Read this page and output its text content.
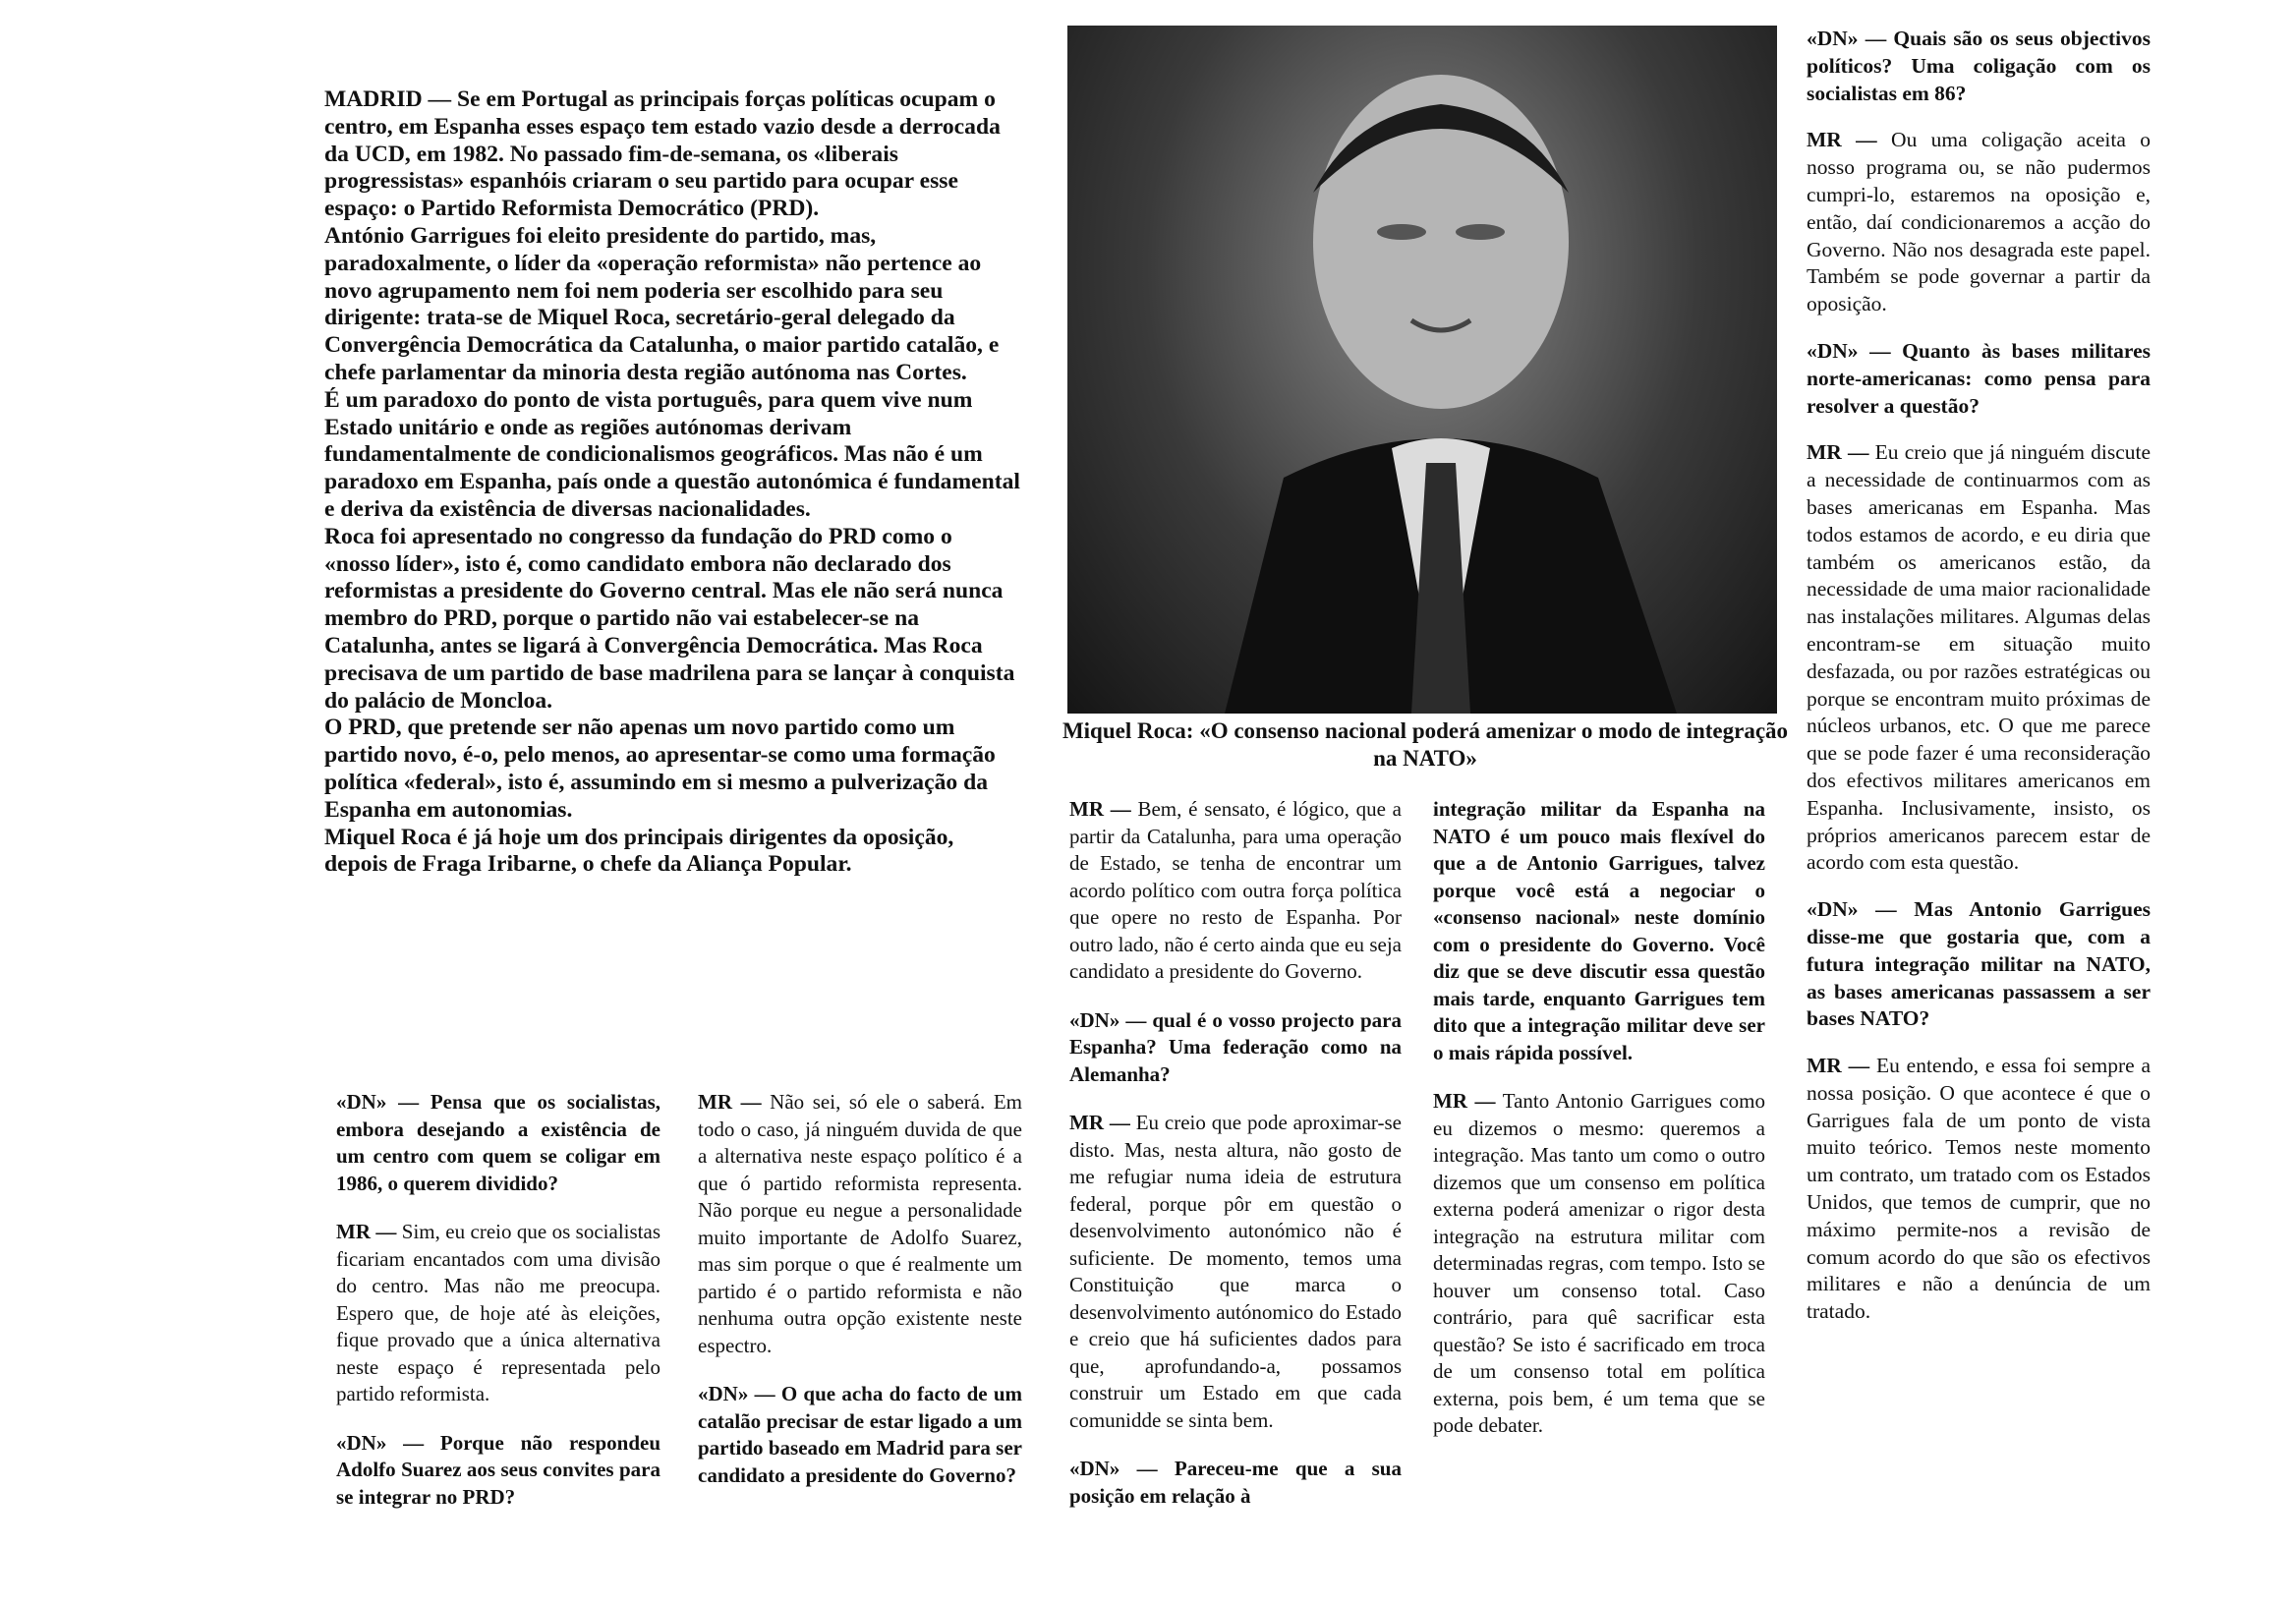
MADRID — Se em Portugal as principais forças políticas ocupam o centro, em Espanha esses espaço tem estado vazio desde a derrocada da UCD, em 1982. No passado fim-de-semana, os «liberais progressistas» espanhóis criaram o seu partido para ocupar esse espaço: o Partido Reformista Democrático (PRD).

António Garrigues foi eleito presidente do partido, mas, paradoxalmente, o líder da «operação reformista» não pertence ao novo agrupamento nem foi nem poderia ser escolhido para seu dirigente: trata-se de Miquel Roca, secretário-geral delegado da Convergência Democrática da Catalunha, o maior partido catalão, e chefe parlamentar da minoria desta região autónoma nas Cortes.

É um paradoxo do ponto de vista português, para quem vive num Estado unitário e onde as regiões autónomas derivam fundamentalmente de condicionalismos geográficos. Mas não é um paradoxo em Espanha, país onde a questão autonómica é fundamental e deriva da existência de diversas nacionalidades.

Roca foi apresentado no congresso da fundação do PRD como o «nosso líder», isto é, como candidato embora não declarado dos reformistas a presidente do Governo central. Mas ele não será nunca membro do PRD, porque o partido não vai estabelecer-se na Catalunha, antes se ligará à Convergência Democrática. Mas Roca precisava de um partido de base madrilena para se lançar à conquista do palácio de Moncloa.

O PRD, que pretende ser não apenas um novo partido como um partido novo, é-o, pelo menos, ao apresentar-se como uma formação política «federal», isto é, assumindo em si mesmo a pulverização da Espanha em autonomias.

Miquel Roca é já hoje um dos principais dirigentes da oposição, depois de Fraga Iribarne, o chefe da Aliança Popular.

«DN» — Pensa que os socialistas, embora desejando a existência de um centro com quem se coligar em 1986, o querem dividido?

MR — Sim, eu creio que os socialistas ficariam encantados com uma divisão do centro. Mas não me preocupa. Espero que, de hoje até às eleições, fique provado que a única alternativa neste espaço é representada pelo partido reformista.

«DN» — Porque não respondeu Adolfo Suarez aos seus convites para se integrar no PRD?

MR — Não sei, só ele o saberá. Em todo o caso, já ninguém duvida de que a alternativa neste espaço político é a que ó partido reformista representa. Não porque eu negue a personalidade muito importante de Adolfo Suarez, mas sim porque o que é realmente um partido é o partido reformista e não nenhuma outra opção existente neste espectro.

«DN» — O que acha do facto de um catalão precisar de estar ligado a um partido baseado em Madrid para ser candidato a presidente do Governo?

Miquel Roca: «O consenso nacional poderá amenizar o modo de integração na NATO»

MR — Bem, é sensato, é lógico, que a partir da Catalunha, para uma operação de Estado, se tenha de encontrar um acordo político com outra força política que opere no resto de Espanha. Por outro lado, não é certo ainda que eu seja candidato a presidente do Governo.

«DN» — qual é o vosso projecto para Espanha? Uma federação como na Alemanha?

MR — Eu creio que pode aproximar-se disto. Mas, nesta altura, não gosto de me refugiar numa ideia de estrutura federal, porque pôr em questão o desenvolvimento autonómico não é suficiente. De momento, temos uma Constituição que marca o desenvolvimento autónomico do Estado e creio que há suficientes dados para que, aprofundando-a, possamos construir um Estado em que cada comunidde se sinta bem.

«DN» — Pareceu-me que a sua posição em relação à

integração militar da Espanha na NATO é um pouco mais flexível do que a de Antonio Garrigues, talvez porque você está a negociar o «consenso nacional» neste domínio com o presidente do Governo. Você diz que se deve discutir essa questão mais tarde, enquanto Garrigues tem dito que a integração militar deve ser o mais rápida possível.

MR — Tanto Antonio Garrigues como eu dizemos o mesmo: queremos a integração. Mas tanto um como o outro dizemos que um consenso em política externa poderá amenizar o rigor desta integração na estrutura militar com determinadas regras, com tempo. Isto se houver um consenso total. Caso contrário, para quê sacrificar esta questão? Se isto é sacrificado em troca de um consenso total em política externa, pois bem, é um tema que se pode debater.

«DN» — Quais são os seus objectivos políticos? Uma coligação com os socialistas em 86?

MR — Ou uma coligação aceita o nosso programa ou, se não pudermos cumpri-lo, estaremos na oposição e, então, daí condicionaremos a acção do Governo. Não nos desagrada este papel. Também se pode governar a partir da oposição.

«DN» — Quanto às bases militares norte-americanas: como pensa para resolver a questão?

MR — Eu creio que já ninguém discute a necessidade de continuarmos com as bases americanas em Espanha. Mas todos estamos de acordo, e eu diria que também os americanos estão, da necessidade de uma maior racionalidade nas instalações militares. Algumas delas encontram-se em situação muito desfazada, ou por razões estratégicas ou porque se encontram muito próximas de núcleos urbanos, etc. O que me parece que se pode fazer é uma reconsideração dos efectivos militares americanos em Espanha. Inclusivamente, insisto, os próprios americanos parecem estar de acordo com esta questão.

«DN» — Mas Antonio Garrigues disse-me que gostaria que, com a futura integração militar na NATO, as bases americanas passassem a ser bases NATO?

MR — Eu entendo, e essa foi sempre a nossa posição. O que acontece é que o Garrigues fala de um ponto de vista muito teórico. Temos neste momento um contrato, um tratado com os Estados Unidos, que temos de cumprir, que no máximo permite-nos a revisão de comum acordo do que são os efectivos militares e não a denúncia de um tratado.
